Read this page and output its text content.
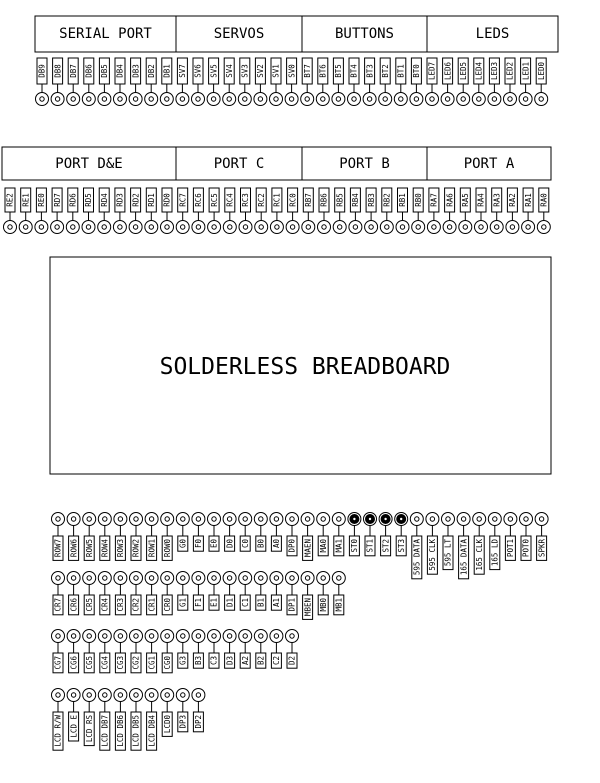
SERIAL PORT	SERVOS	BUTTONS	LEDS
DB9 DB8 DB7 DB6 DB5 DB4 DB3 DB2 DB1 SV7 SV6 SV5 SV4 SV3 SV2 SV1 SV0 BT7 BT6 BT5 BT4 BT3 BT2 BT1 BT0 LED7 LED6 LED5 LED4 LED3 LED2 LED1 LED0
PORT D&E	PORT C	PORT B	PORT A
RE2 RE1 RE0 RD7 RD6 RD5 RD4 RD3 RD2 RD1 RD0 RC7 RC6 RC5 RC4 RC3 RC2 RC1 RC0 RB7 RB6 RB5 RB4 RB3 RB2 RB1 RB0 RA7 RA6 RA5 RA4 RA3 RA2 RA1 RA0
SOLDERLESS BREADBOARD
ROW7 ROW6 ROW5 ROW4 ROW3 ROW2 ROW1 ROW0 G0 F0 E0 D0 C0 B0 A0 DP0 MAEN MA0 MA1 ST0 ST1 ST2 ST3 595 DATA 595 CLK 595 LT 165 DATA 165 CLK 165 LD POT1 POT0 SPKR
CR7 CR6 CR5 CR4 CR3 CR2 CR1 CR0 G1 F1 E1 D1 C1 B1 A1 DP1 MBEN MB0 MB1
CG7 CG6 CG5 CG4 CG3 CG2 CG1 CG0 G3 B3 C3 D3 A2 B2 C2 D2
LCD R/W LCD E LCD RS LCD DB7 LCD DB6 LCD DB5 LCD DB4 LCD0 DP3 DP2
